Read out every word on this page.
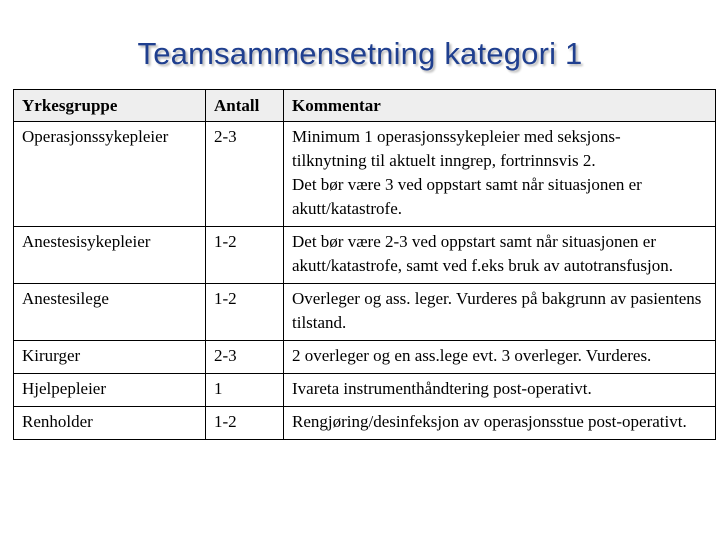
Teamsammensetning kategori 1
Yrkesgruppe	Antall	Kommentar
Operasjonssykepleier	2-3	Minimum 1 operasjonssykepleier med seksjons-
tilknytning til aktuelt inngrep, fortrinnsvis 2.
Det bør være 3 ved oppstart samt når situasjonen er akutt/katastrofe.
Anestesisykepleier	1-2	Det bør være 2-3 ved oppstart samt når situasjonen er akutt/katastrofe, samt ved f.eks bruk av autotransfusjon.
Anestesilege	1-2	Overleger og ass. leger. Vurderes på bakgrunn av pasientens tilstand.
Kirurger	2-3	2 overleger og en ass.lege evt. 3 overleger. Vurderes.
Hjelpepleier	1	Ivareta instrumenthåndtering post-operativt.
Renholder	1-2	Rengjøring/desinfeksjon av operasjonsstue post-operativt.
